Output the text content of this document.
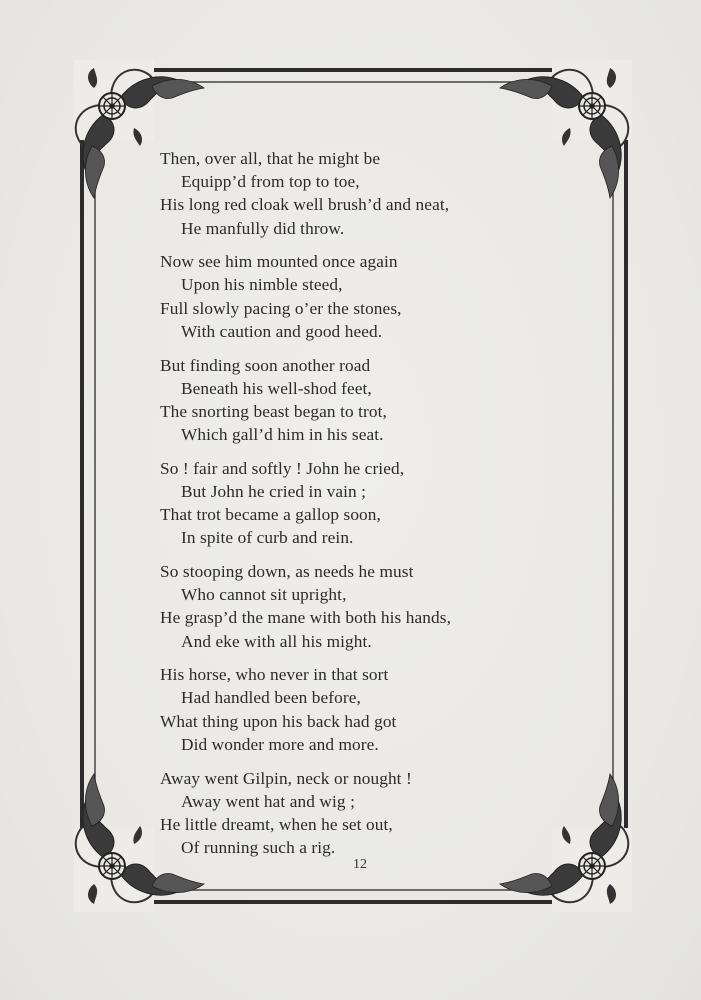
Then, over all, that he might be
Equipp’d from top to toe,
His long red cloak well brush’d and neat,
He manfully did throw.
Now see him mounted once again
Upon his nimble steed,
Full slowly pacing o’er the stones,
With caution and good heed.
But finding soon another road
Beneath his well-shod feet,
The snorting beast began to trot,
Which gall’d him in his seat.
So ! fair and softly ! John he cried,
But John he cried in vain ;
That trot became a gallop soon,
In spite of curb and rein.
So stooping down, as needs he must
Who cannot sit upright,
He grasp’d the mane with both his hands,
And eke with all his might.
His horse, who never in that sort
Had handled been before,
What thing upon his back had got
Did wonder more and more.
Away went Gilpin, neck or nought !
Away went hat and wig ;
He little dreamt, when he set out,
Of running such a rig.
12
